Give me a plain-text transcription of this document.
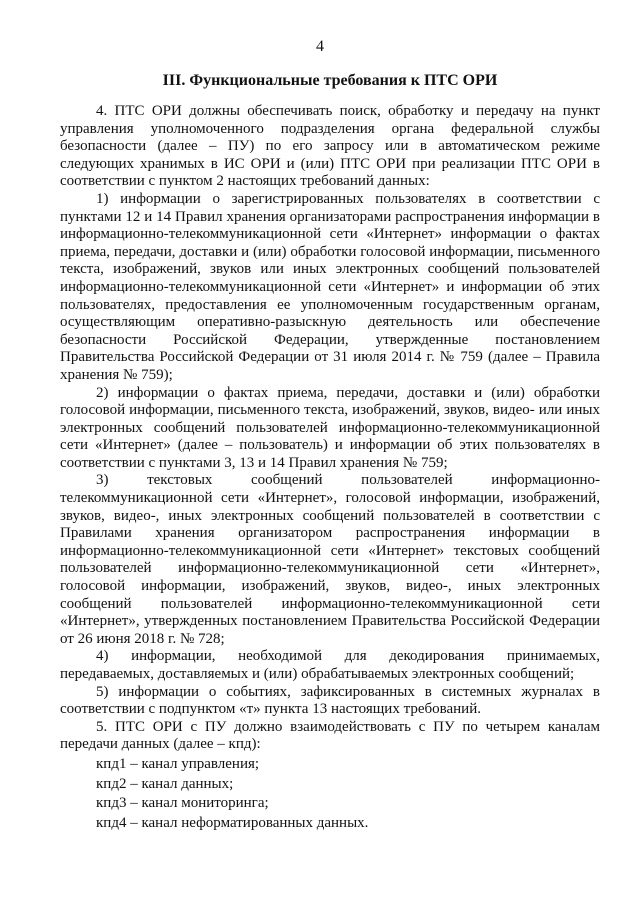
4
III. Функциональные требования к ПТС ОРИ

4. ПТС ОРИ должны обеспечивать поиск, обработку и передачу на пункт управления уполномоченного подразделения органа федеральной службы безопасности (далее – ПУ) по его запросу или в автоматическом режиме следующих хранимых в ИС ОРИ и (или) ПТС ОРИ при реализации ПТС ОРИ в соответствии с пунктом 2 настоящих требований данных:

1) информации о зарегистрированных пользователях в соответствии с пунктами 12 и 14 Правил хранения организаторами распространения информации в информационно-телекоммуникационной сети «Интернет» информации о фактах приема, передачи, доставки и (или) обработки голосовой информации, письменного текста, изображений, звуков или иных электронных сообщений пользователей информационно-телекоммуникационной сети «Интернет» и информации об этих пользователях, предоставления ее уполномоченным государственным органам, осуществляющим оперативно-разыскную деятельность или обеспечение безопасности Российской Федерации, утвержденные постановлением Правительства Российской Федерации от 31 июля 2014 г. № 759 (далее – Правила хранения № 759);

2) информации о фактах приема, передачи, доставки и (или) обработки голосовой информации, письменного текста, изображений, звуков, видео- или иных электронных сообщений пользователей информационно-телекоммуникационной сети «Интернет» (далее – пользователь) и информации об этих пользователях в соответствии с пунктами 3, 13 и 14 Правил хранения № 759;

3) текстовых сообщений пользователей информационно-телекоммуникационной сети «Интернет», голосовой информации, изображений, звуков, видео-, иных электронных сообщений пользователей в соответствии с Правилами хранения организатором распространения информации в информационно-телекоммуникационной сети «Интернет» текстовых сообщений пользователей информационно-телекоммуникационной сети «Интернет», голосовой информации, изображений, звуков, видео-, иных электронных сообщений пользователей информационно-телекоммуникационной сети «Интернет», утвержденных постановлением Правительства Российской Федерации от 26 июня 2018 г. № 728;

4) информации, необходимой для декодирования принимаемых, передаваемых, доставляемых и (или) обрабатываемых электронных сообщений;

5) информации о событиях, зафиксированных в системных журналах в соответствии с подпунктом «т» пункта 13 настоящих требований.

5. ПТС ОРИ с ПУ должно взаимодействовать с ПУ по четырем каналам передачи данных (далее – кпд):

кпд1 – канал управления;

кпд2 – канал данных;

кпд3 – канал мониторинга;

кпд4 – канал неформатированных данных.
